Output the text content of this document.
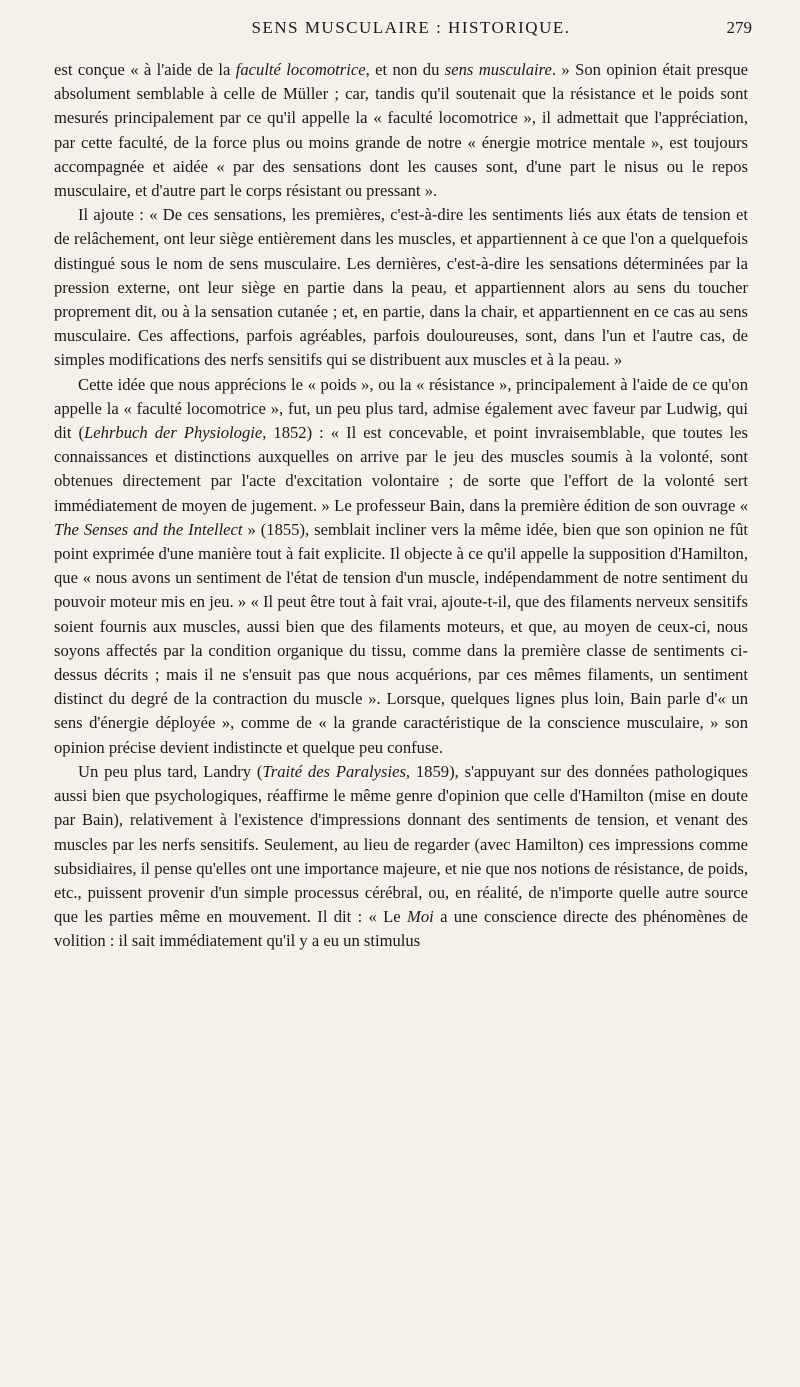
SENS MUSCULAIRE : HISTORIQUE.	279

est conçue « à l'aide de la faculté locomotrice, et non du sens musculaire. » Son opinion était presque absolument semblable à celle de Müller ; car, tandis qu'il soutenait que la résistance et le poids sont mesurés principalement par ce qu'il appelle la « faculté locomotrice », il admettait que l'appréciation, par cette faculté, de la force plus ou moins grande de notre « énergie motrice mentale », est toujours accompagnée et aidée « par des sensations dont les causes sont, d'une part le nisus ou le repos musculaire, et d'autre part le corps résistant ou pressant ».

Il ajoute : « De ces sensations, les premières, c'est-à-dire les sentiments liés aux états de tension et de relâchement, ont leur siège entièrement dans les muscles, et appartiennent à ce que l'on a quelquefois distingué sous le nom de sens musculaire. Les dernières, c'est-à-dire les sensations déterminées par la pression externe, ont leur siège en partie dans la peau, et appartiennent alors au sens du toucher proprement dit, ou à la sensation cutanée ; et, en partie, dans la chair, et appartiennent en ce cas au sens musculaire. Ces affections, parfois agréables, parfois douloureuses, sont, dans l'un et l'autre cas, de simples modifications des nerfs sensitifs qui se distribuent aux muscles et à la peau. »

Cette idée que nous apprécions le « poids », ou la « résistance », principalement à l'aide de ce qu'on appelle la « faculté locomotrice », fut, un peu plus tard, admise également avec faveur par Ludwig, qui dit (Lehrbuch der Physiologie, 1852) : « Il est concevable, et point invraisemblable, que toutes les connaissances et distinctions auxquelles on arrive par le jeu des muscles soumis à la volonté, sont obtenues directement par l'acte d'excitation volontaire ; de sorte que l'effort de la volonté sert immédiatement de moyen de jugement. » Le professeur Bain, dans la première édition de son ouvrage « The Senses and the Intellect » (1855), semblait incliner vers la même idée, bien que son opinion ne fût point exprimée d'une manière tout à fait explicite. Il objecte à ce qu'il appelle la supposition d'Hamilton, que « nous avons un sentiment de l'état de tension d'un muscle, indépendamment de notre sentiment du pouvoir moteur mis en jeu. » « Il peut être tout à fait vrai, ajoute-t-il, que des filaments nerveux sensitifs soient fournis aux muscles, aussi bien que des filaments moteurs, et que, au moyen de ceux-ci, nous soyons affectés par la condition organique du tissu, comme dans la première classe de sentiments ci-dessus décrits ; mais il ne s'ensuit pas que nous acquérions, par ces mêmes filaments, un sentiment distinct du degré de la contraction du muscle ». Lorsque, quelques lignes plus loin, Bain parle d'« un sens d'énergie déployée », comme de « la grande caractéristique de la conscience musculaire, » son opinion précise devient indistincte et quelque peu confuse.

Un peu plus tard, Landry (Traité des Paralysies, 1859), s'appuyant sur des données pathologiques aussi bien que psychologiques, réaffirme le même genre d'opinion que celle d'Hamilton (mise en doute par Bain), relativement à l'existence d'impressions donnant des sentiments de tension, et venant des muscles par les nerfs sensitifs. Seulement, au lieu de regarder (avec Hamilton) ces impressions comme subsidiaires, il pense qu'elles ont une importance majeure, et nie que nos notions de résistance, de poids, etc., puissent provenir d'un simple processus cérébral, ou, en réalité, de n'importe quelle autre source que les parties même en mouvement. Il dit : « Le Moi a une conscience directe des phénomènes de volition : il sait immédiatement qu'il y a eu un stimulus
